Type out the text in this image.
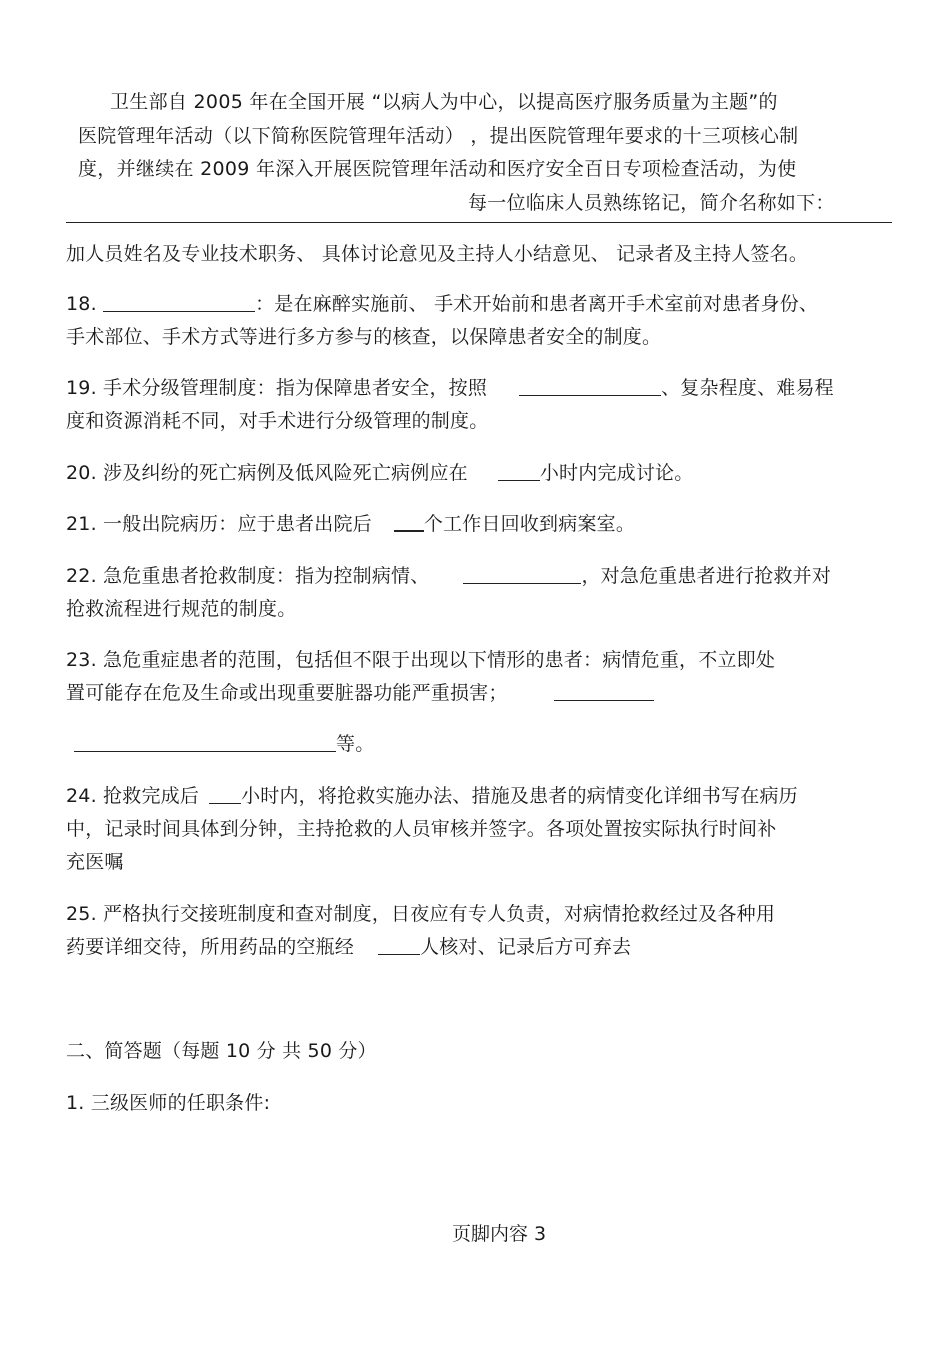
卫生部自 2005 年在全国开展 “以病人为中心，以提高医疗服务质量为主题”的
医院管理年活动（以下简称医院管理年活动） ，提出医院管理年要求的十三项核心制
度，并继续在 2009 年深入开展医院管理年活动和医疗安全百日专项检查活动，为使
每一位临床人员熟练铭记，简介名称如下：
加人员姓名及专业技术职务、 具体讨论意见及主持人小结意见、 记录者及主持人签名。
18.	：是在麻醉实施前、 手术开始前和患者离开手术室前对患者身份、
手术部位、手术方式等进行多方参与的核查，以保障患者安全的制度。
19. 手术分级管理制度：指为保障患者安全，按照	、复杂程度、难易程
度和资源消耗不同，对手术进行分级管理的制度。
20. 涉及纠纷的死亡病例及低风险死亡病例应在	小时内完成讨论。
21. 一般出院病历：应于患者出院后	个工作日回收到病案室。
22. 急危重患者抢救制度：指为控制病情、	，对急危重患者进行抢救并对
抢救流程进行规范的制度。
23. 急危重症患者的范围，包括但不限于出现以下情形的患者：病情危重，不立即处
置可能存在危及生命或出现重要脏器功能严重损害；
等。
24. 抢救完成后 小时内，将抢救实施办法、措施及患者的病情变化详细书写在病历
中，记录时间具体到分钟，主持抢救的人员审核并签字。各项处置按实际执行时间补
充医嘱
25. 严格执行交接班制度和查对制度，日夜应有专人负责，对病情抢救经过及各种用
药要详细交待，所用药品的空瓶经	人核对、记录后方可弃去
二、简答题（每题 10 分 共 50 分）
1. 三级医师的任职条件:
页脚内容 3
